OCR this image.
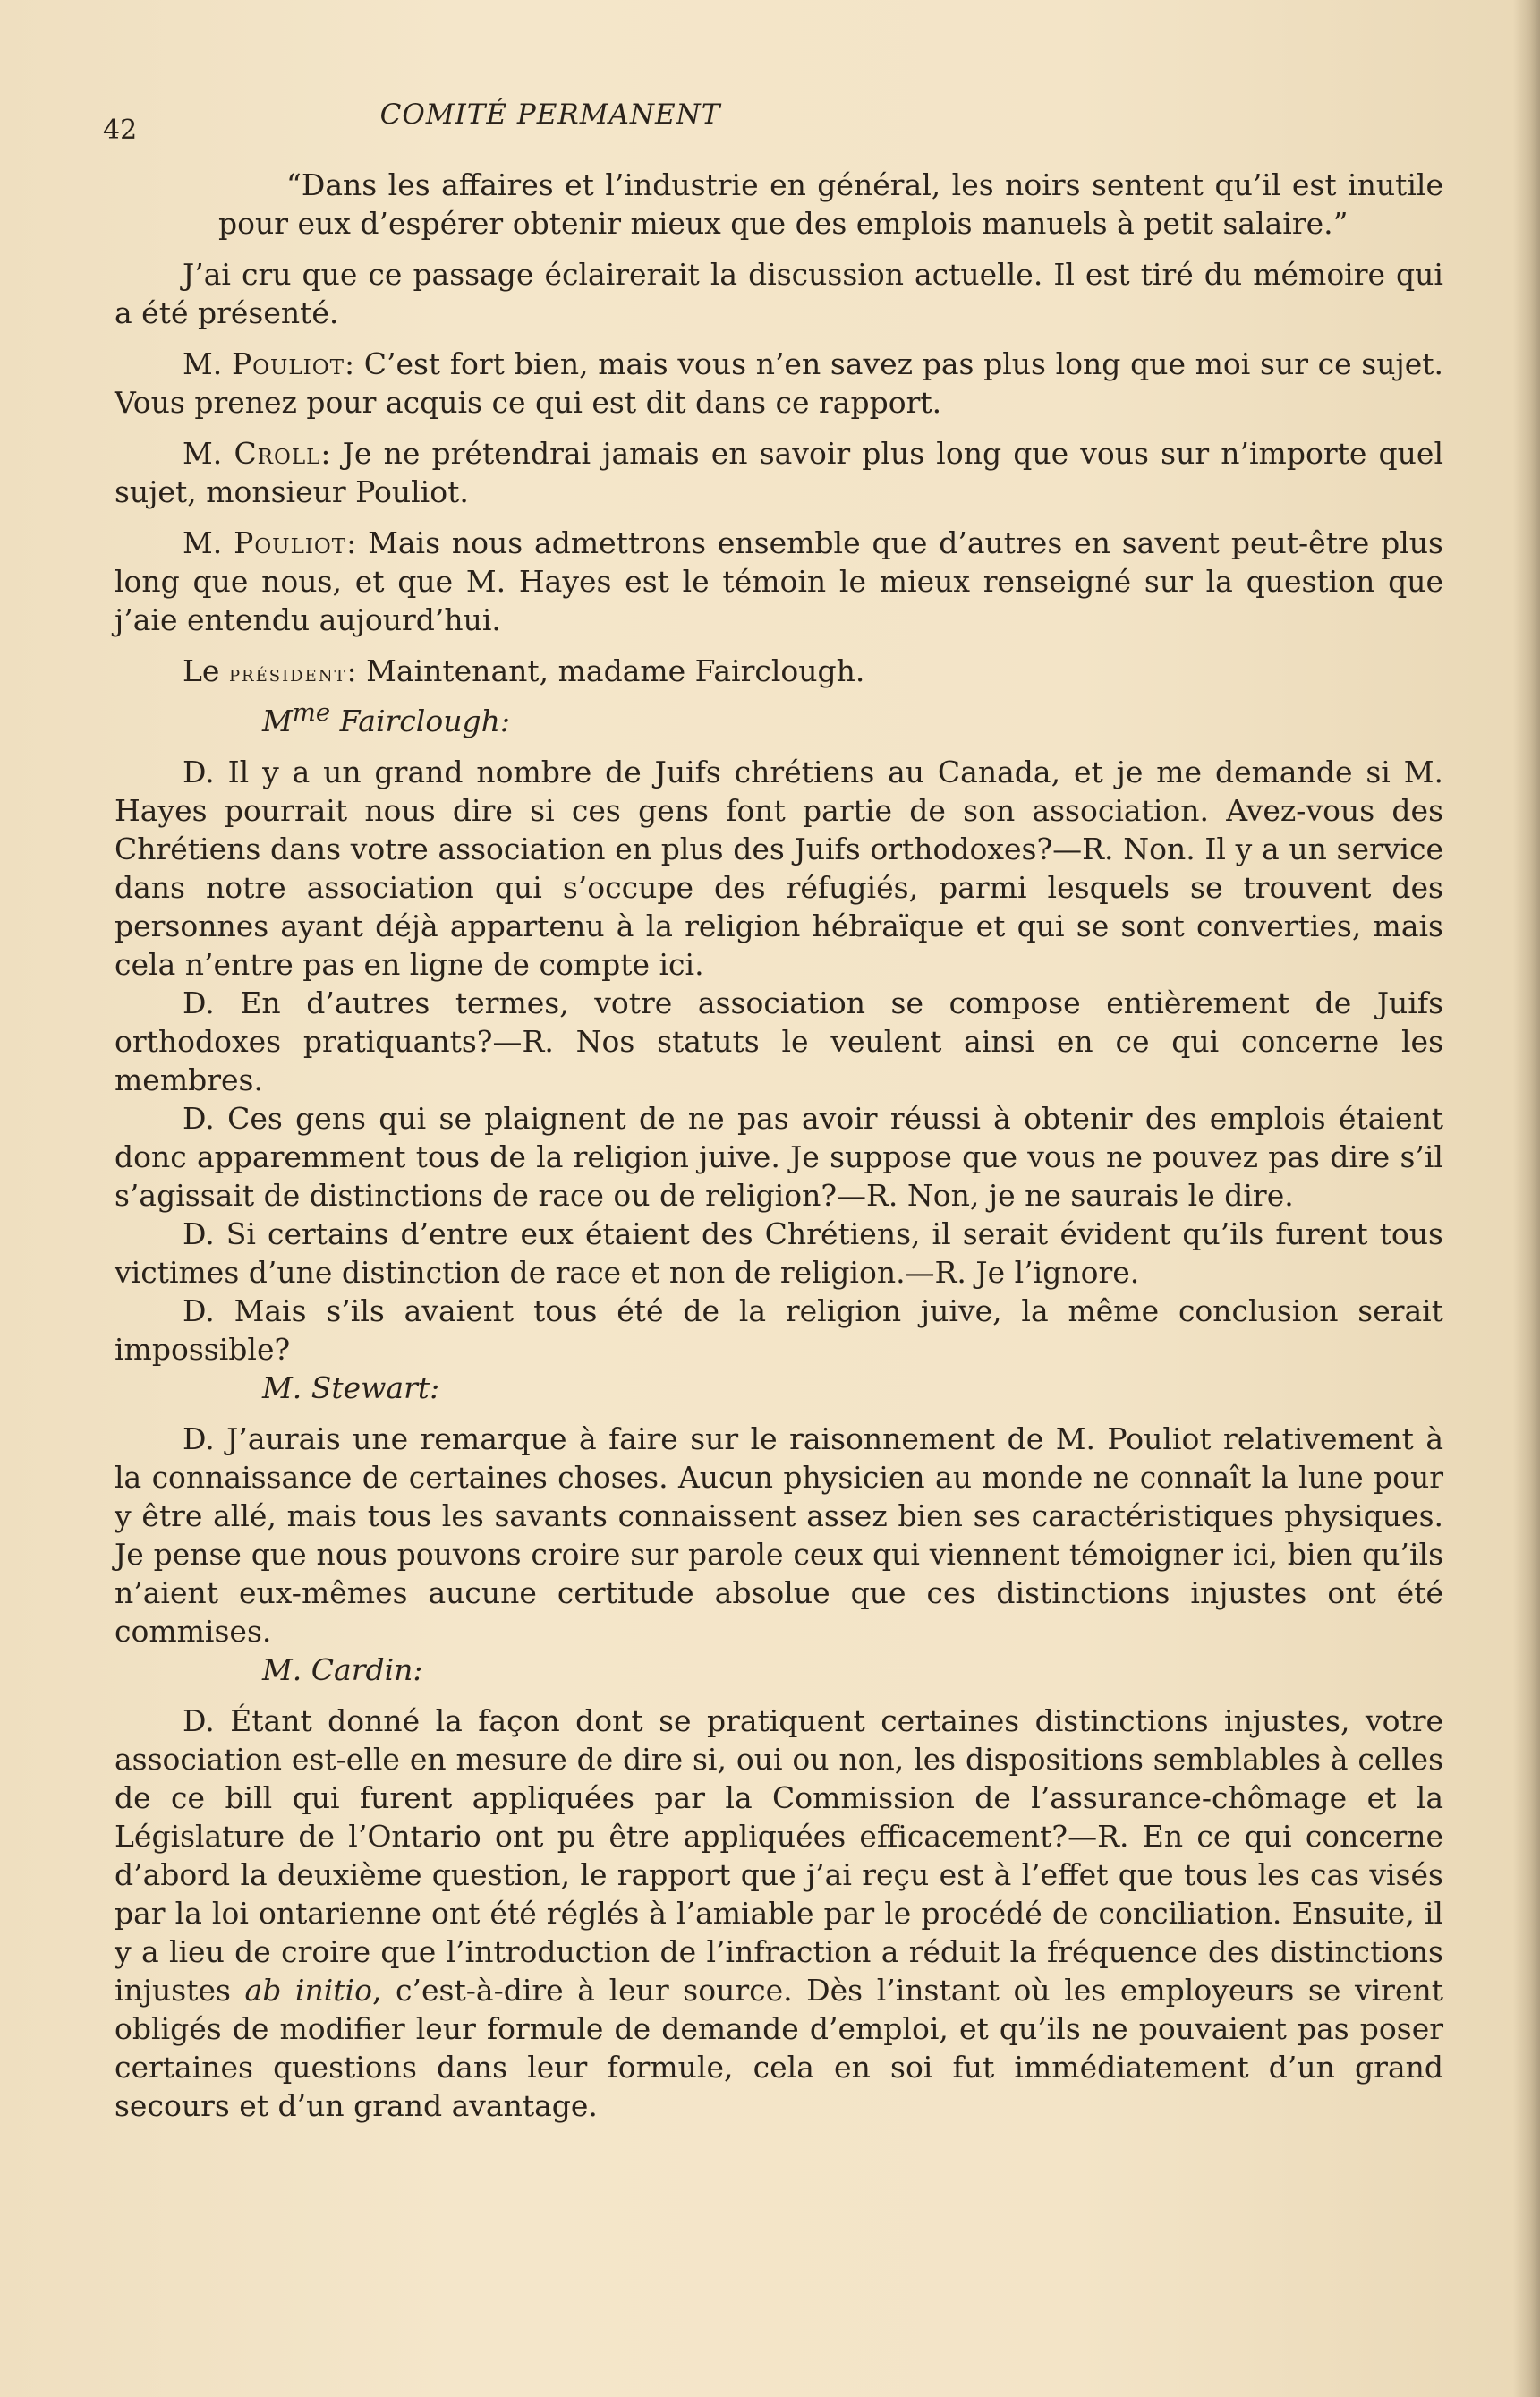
42	COMITÉ PERMANENT

“Dans les affaires et l’industrie en général, les noirs sentent qu’il est inutile pour eux d’espérer obtenir mieux que des emplois manuels à petit salaire.”

J’ai cru que ce passage éclairerait la discussion actuelle. Il est tiré du mémoire qui a été présenté.

M. Pouliot: C’est fort bien, mais vous n’en savez pas plus long que moi sur ce sujet. Vous prenez pour acquis ce qui est dit dans ce rapport.

M. Croll: Je ne prétendrai jamais en savoir plus long que vous sur n’importe quel sujet, monsieur Pouliot.

M. Pouliot: Mais nous admettrons ensemble que d’autres en savent peut-être plus long que nous, et que M. Hayes est le témoin le mieux renseigné sur la question que j’aie entendu aujourd’hui.

Le président: Maintenant, madame Fairclough.

$M^{me}$ Fairclough:

D. Il y a un grand nombre de Juifs chrétiens au Canada, et je me demande si M. Hayes pourrait nous dire si ces gens font partie de son association. Avez-vous des Chrétiens dans votre association en plus des Juifs orthodoxes?—R. Non. Il y a un service dans notre association qui s’occupe des réfugiés, parmi lesquels se trouvent des personnes ayant déjà appartenu à la religion hébraïque et qui se sont converties, mais cela n’entre pas en ligne de compte ici.

D. En d’autres termes, votre association se compose entièrement de Juifs orthodoxes pratiquants?—R. Nos statuts le veulent ainsi en ce qui concerne les membres.

D. Ces gens qui se plaignent de ne pas avoir réussi à obtenir des emplois étaient donc apparemment tous de la religion juive. Je suppose que vous ne pouvez pas dire s’il s’agissait de distinctions de race ou de religion?—R. Non, je ne saurais le dire.

D. Si certains d’entre eux étaient des Chrétiens, il serait évident qu’ils furent tous victimes d’une distinction de race et non de religion.—R. Je l’ignore.

D. Mais s’ils avaient tous été de la religion juive, la même conclusion serait impossible?

M. Stewart:

D. J’aurais une remarque à faire sur le raisonnement de M. Pouliot relativement à la connaissance de certaines choses. Aucun physicien au monde ne connaît la lune pour y être allé, mais tous les savants connaissent assez bien ses caractéristiques physiques. Je pense que nous pouvons croire sur parole ceux qui viennent témoigner ici, bien qu’ils n’aient eux-mêmes aucune certitude absolue que ces distinctions injustes ont été commises.

M. Cardin:

D. Étant donné la façon dont se pratiquent certaines distinctions injustes, votre association est-elle en mesure de dire si, oui ou non, les dispositions semblables à celles de ce bill qui furent appliquées par la Commission de l’assurance-chômage et la Législature de l’Ontario ont pu être appliquées efficacement?—R. En ce qui concerne d’abord la deuxième question, le rapport que j’ai reçu est à l’effet que tous les cas visés par la loi ontarienne ont été réglés à l’amiable par le procédé de conciliation. Ensuite, il y a lieu de croire que l’introduction de l’infraction a réduit la fréquence des distinctions injustes ab initio, c’est-à-dire à leur source. Dès l’instant où les employeurs se virent obligés de modifier leur formule de demande d’emploi, et qu’ils ne pouvaient pas poser certaines questions dans leur formule, cela en soi fut immédiatement d’un grand secours et d’un grand avantage.
